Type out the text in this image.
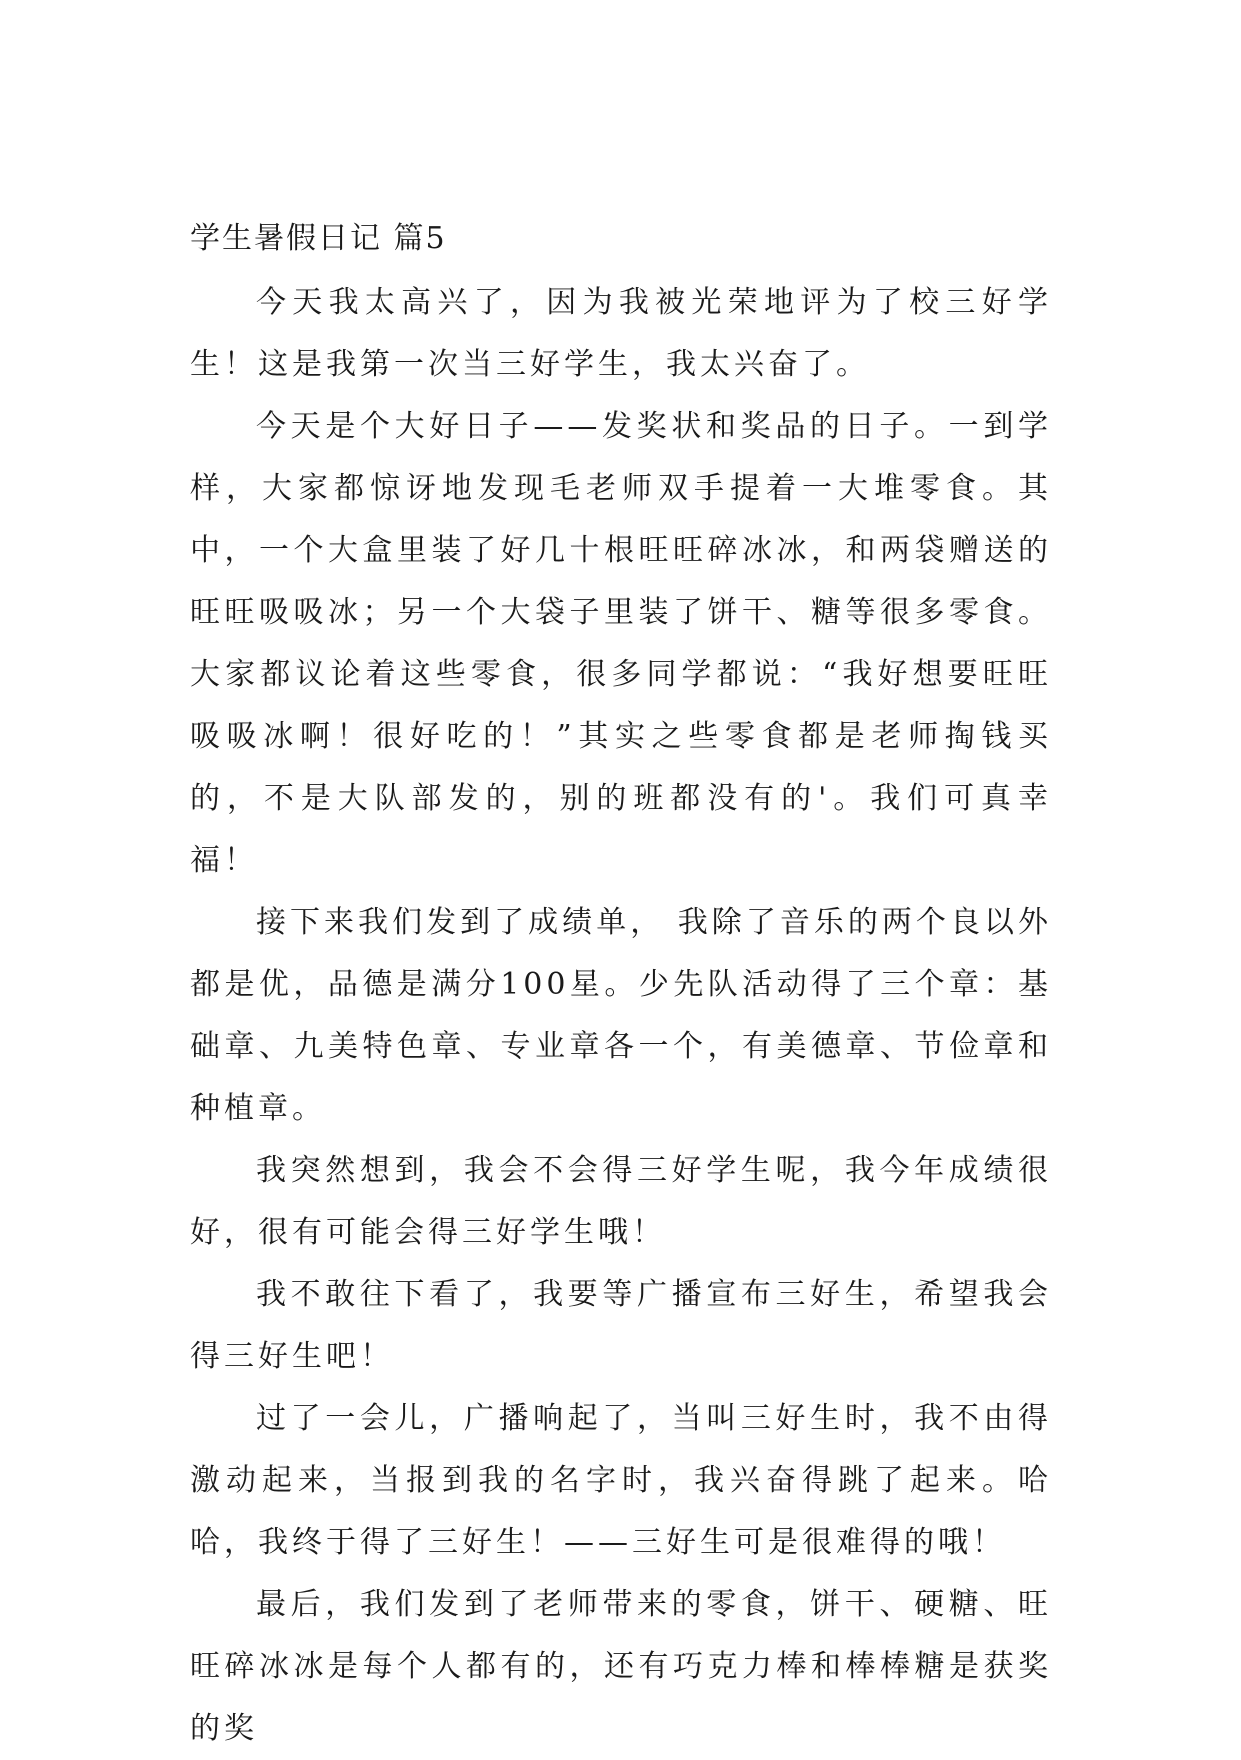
学生暑假日记 篇5

今天我太高兴了，因为我被光荣地评为了校三好学生！这是我第一次当三好学生，我太兴奋了。

今天是个大好日子——发奖状和奖品的日子。一到学样，大家都惊讶地发现毛老师双手提着一大堆零食。其中，一个大盒里装了好几十根旺旺碎冰冰，和两袋赠送的旺旺吸吸冰；另一个大袋子里装了饼干、糖等很多零食。大家都议论着这些零食，很多同学都说：“我好想要旺旺吸吸冰啊！很好吃的！”其实之些零食都是老师掏钱买的，不是大队部发的，别的班都没有的'。我们可真幸福！

接下来我们发到了成绩单， 我除了音乐的两个良以外都是优，品德是满分100星。少先队活动得了三个章：基础章、九美特色章、专业章各一个，有美德章、节俭章和种植章。

我突然想到，我会不会得三好学生呢，我今年成绩很好，很有可能会得三好学生哦！

我不敢往下看了，我要等广播宣布三好生，希望我会得三好生吧！

过了一会儿，广播响起了，当叫三好生时，我不由得激动起来，当报到我的名字时，我兴奋得跳了起来。哈哈，我终于得了三好生！——三好生可是很难得的哦！

最后，我们发到了老师带来的零食，饼干、硬糖、旺旺碎冰冰是每个人都有的，还有巧克力棒和棒棒糖是获奖的奖
